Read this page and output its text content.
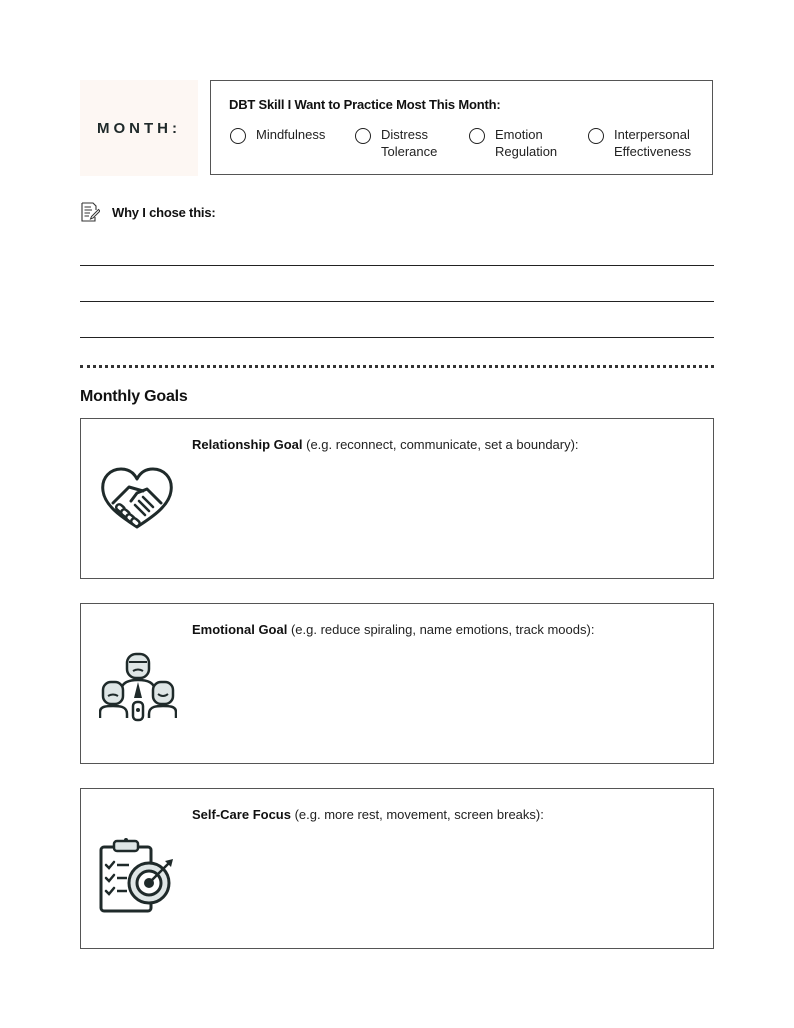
MONTH:
DBT Skill I Want to Practice Most This Month:
Mindfulness	Distress
Tolerance
Emotion
Regulation
Interpersonal
Effectiveness
Why I chose this:
Monthly Goals
Relationship Goal (e.g. reconnect, communicate, set a boundary):
Emotional Goal (e.g. reduce spiraling, name emotions, track moods):
Self-Care Focus (e.g. more rest, movement, screen breaks):
